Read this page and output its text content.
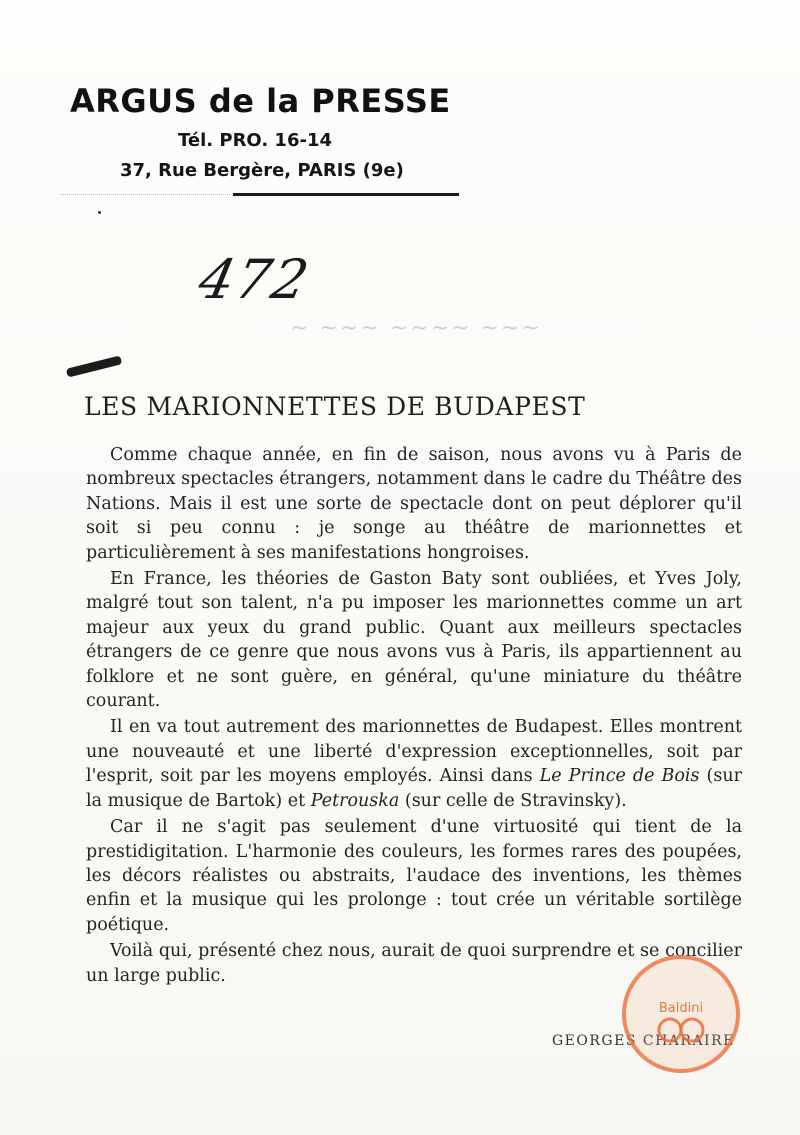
ARGUS de la PRESSE
Tél. PRO. 16-14
37, Rue Bergère, PARIS (9e)
472
~ ~~~ ~~~~ ~~~
LES MARIONNETTES DE BUDAPEST

Comme chaque année, en fin de saison, nous avons vu à Paris de nombreux spectacles étrangers, notamment dans le cadre du Théâtre des Nations. Mais il est une sorte de spectacle dont on peut déplorer qu'il soit si peu connu : je songe au théâtre de marionnettes et particulièrement à ses manifestations hongroises.

En France, les théories de Gaston Baty sont oubliées, et Yves Joly, malgré tout son talent, n'a pu imposer les marionnettes comme un art majeur aux yeux du grand public. Quant aux meilleurs spectacles étrangers de ce genre que nous avons vus à Paris, ils appartiennent au folklore et ne sont guère, en général, qu'une miniature du théâtre courant.

Il en va tout autrement des marionnettes de Budapest. Elles montrent une nouveauté et une liberté d'expression exceptionnelles, soit par l'esprit, soit par les moyens employés. Ainsi dans Le Prince de Bois (sur la musique de Bartok) et Petrouska (sur celle de Stravinsky).

Car il ne s'agit pas seulement d'une virtuosité qui tient de la prestidigitation. L'harmonie des couleurs, les formes rares des poupées, les décors réalistes ou abstraits, l'audace des inventions, les thèmes enfin et la musique qui les prolonge : tout crée un véritable sortilège poétique.

Voilà qui, présenté chez nous, aurait de quoi surprendre et se concilier un large public.

GEORGES CHARAIRE
Baldini
